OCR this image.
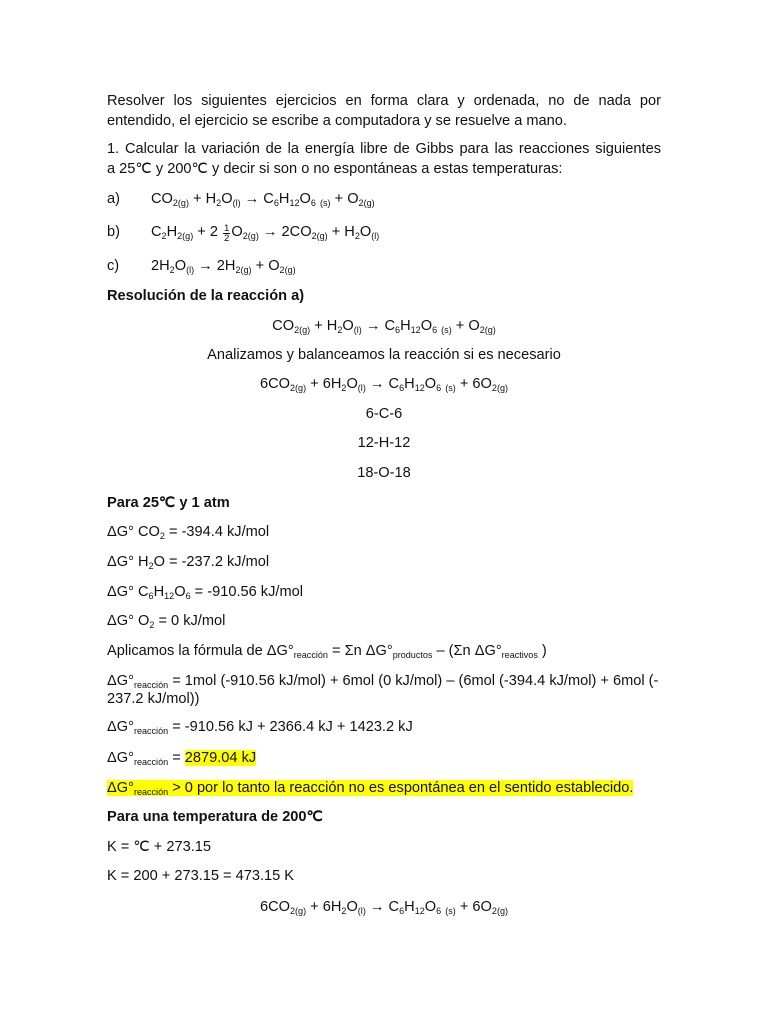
Resolver los siguientes ejercicios en forma clara y ordenada, no de nada por
entendido, el ejercicio se escribe a computadora y se resuelve a mano.
1. Calcular la variación de la energía libre de Gibbs para las reacciones siguientes
a 25℃ y 200℃ y decir si son o no espontáneas a estas temperaturas:
a) $CO_{2(g)} + H_2O_{(l)} \to C_6H_{12}O_6$ $_{(s)} + O_{2(g)}$
b) $C_2H_{2(g)} + 2 \frac{1}{2} O_{2(g)} \to 2CO_{2(g)} + H_2O_{(l)}$
c) $2H_2O_{(l)} \to 2H_{2(g)} + O_{2(g)}$
Resolución de la reacción a)
$CO_{2(g)} + H_2O_{(l)} \to C_6H_{12}O_6$ $_{(s)} + O_{2(g)}$
Analizamos y balanceamos la reacción si es necesario
$6CO_{2(g)} + 6H_2O_{(l)} \to C_6H_{12}O_6$ $_{(s)} + 6O_{2(g)}$
6-C-6
12-H-12
18-O-18
Para 25℃ y 1 atm
ΔG° $CO_2 = -394.4$ kJ/mol
ΔG° $H_2O = -237.2$ kJ/mol
ΔG° $C_6H_{12}O_6 = -910.56$ kJ/mol
ΔG° $O_2 = 0$ kJ/mol
Aplicamos la fórmula de $\Delta G^\circ_{reacción} = \Sigma n$ $\Delta G^\circ_{productos} - (\Sigma n$ $\Delta G^\circ_{reactivos}$ )
$\Delta G^\circ_{reacción} = 1mol$ (-910.56 kJ/mol) + 6mol (0 kJ/mol) – (6mol (-394.4 kJ/mol) + 6mol (-
237.2 kJ/mol))
$\Delta G^\circ_{reacción} = -910.56$ kJ + 2366.4 kJ + 1423.2 kJ
$\Delta G^\circ_{reacción} = 2879.04$ kJ
$\Delta G^\circ_{reacción} > 0$ por lo tanto la reacción no es espontánea en el sentido establecido.
Para una temperatura de 200℃
K = ℃ + 273.15
K = 200 + 273.15 = 473.15 K
$6CO_{2(g)} + 6H_2O_{(l)} \to C_6H_{12}O_6$ $_{(s)} + 6O_{2(g)}$
